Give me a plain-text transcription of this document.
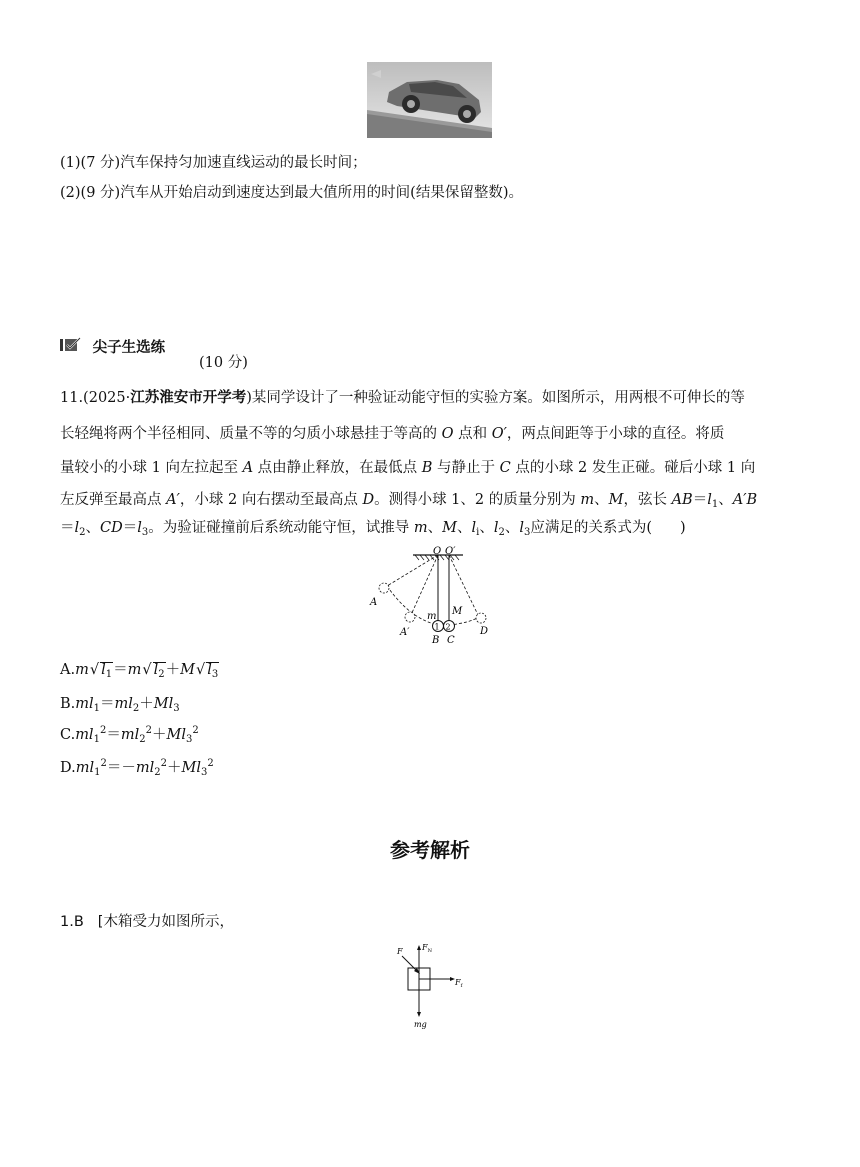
(1)(7 分)汽车保持匀加速直线运动的最长时间；
(2)(9 分)汽车从开始启动到速度达到最大值所用的时间(结果保留整数)。
尖子生选练
(10 分)
11.(2025·江苏淮安市开学考)某同学设计了一种验证动能守恒的实验方案。如图所示，用两根不可伸长的等
长轻绳将两个半径相同、质量不等的匀质小球悬挂于等高的 O 点和 O′，两点间距等于小球的直径。将质
量较小的小球 1 向左拉起至 A 点由静止释放，在最低点 B 与静止于 C 点的小球 2 发生正碰。碰后小球 1 向
左反弹至最高点 A′，小球 2 向右摆动至最高点 D。测得小球 1、2 的质量分别为 m、M，弦长 $AB=l_1$、A′B
$=l_2$、$CD=l_3$。为验证碰撞前后系统动能守恒，试推导 m、M、$l_i$、$l_2$、$l_3$应满足的关系式为( )
O O′
1 2
A
A′
m M
B C
D
A.m√ $l_1=m√$ $l_2+M√$ $l_3$
$B.ml_1=ml_2+Ml_3$
$C.ml_1^2=ml_2^2+Ml_3^2$
$D.ml_1^2=-ml_2^2+Ml_3^2$
参考解析
1.B [木箱受力如图所示，
F $F_N$
$F_f$
mg
